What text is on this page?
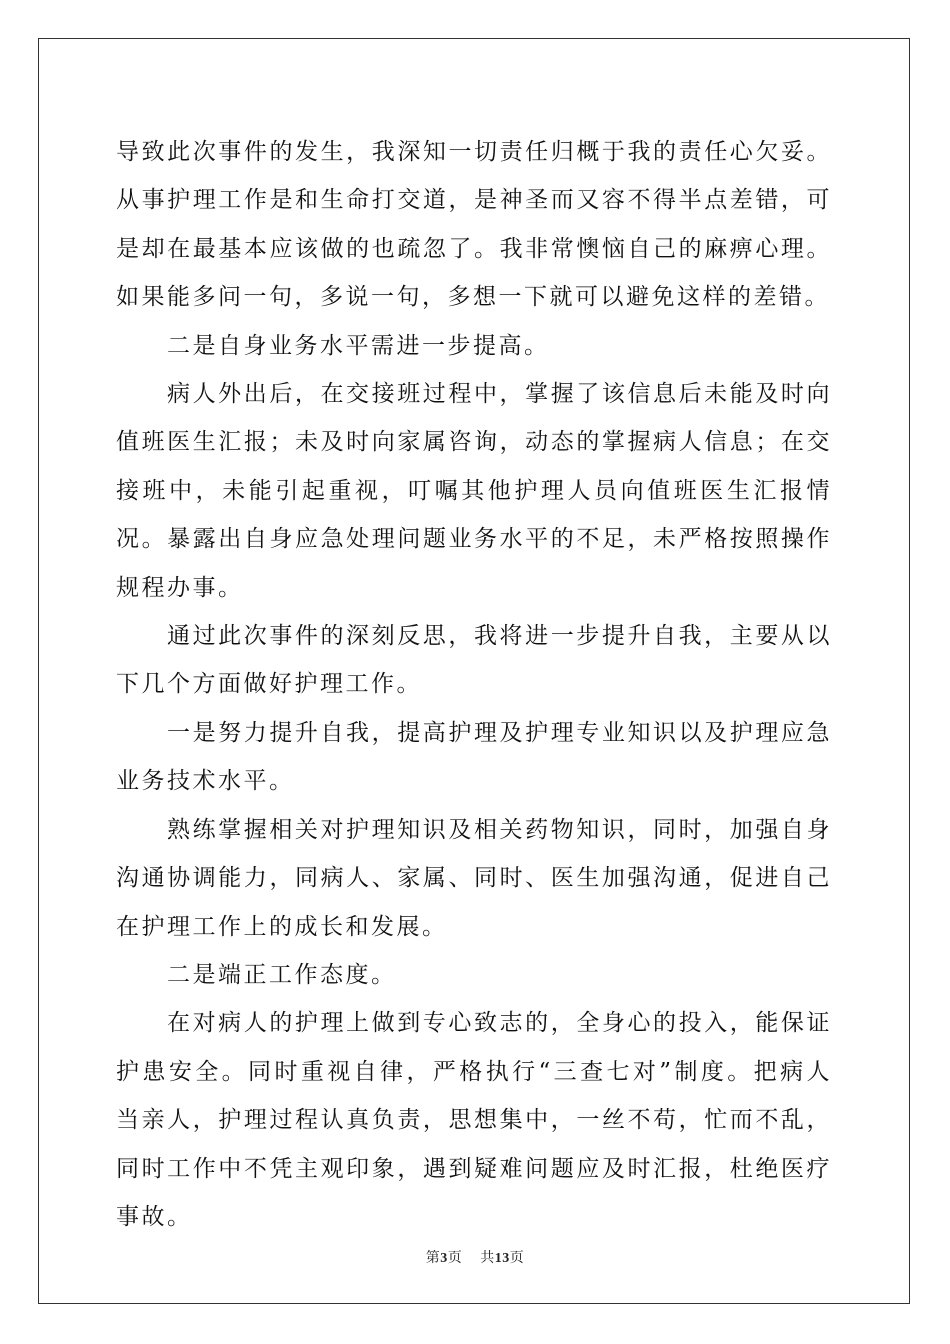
导致此次事件的发生，我深知一切责任归概于我的责任心欠妥。从事护理工作是和生命打交道，是神圣而又容不得半点差错，可是却在最基本应该做的也疏忽了。我非常懊恼自己的麻痹心理。如果能多问一句，多说一句，多想一下就可以避免这样的差错。

二是自身业务水平需进一步提高。

病人外出后，在交接班过程中，掌握了该信息后未能及时向值班医生汇报；未及时向家属咨询，动态的掌握病人信息；在交接班中，未能引起重视，叮嘱其他护理人员向值班医生汇报情况。暴露出自身应急处理问题业务水平的不足，未严格按照操作规程办事。

通过此次事件的深刻反思，我将进一步提升自我，主要从以下几个方面做好护理工作。

一是努力提升自我，提高护理及护理专业知识以及护理应急业务技术水平。

熟练掌握相关对护理知识及相关药物知识，同时，加强自身沟通协调能力，同病人、家属、同时、医生加强沟通，促进自己在护理工作上的成长和发展。

二是端正工作态度。

在对病人的护理上做到专心致志的，全身心的投入，能保证护患安全。同时重视自律，严格执行“三查七对”制度。把病人当亲人，护理过程认真负责，思想集中，一丝不苟，忙而不乱，同时工作中不凭主观印象，遇到疑难问题应及时汇报，杜绝医疗事故。

第3页 共13页
